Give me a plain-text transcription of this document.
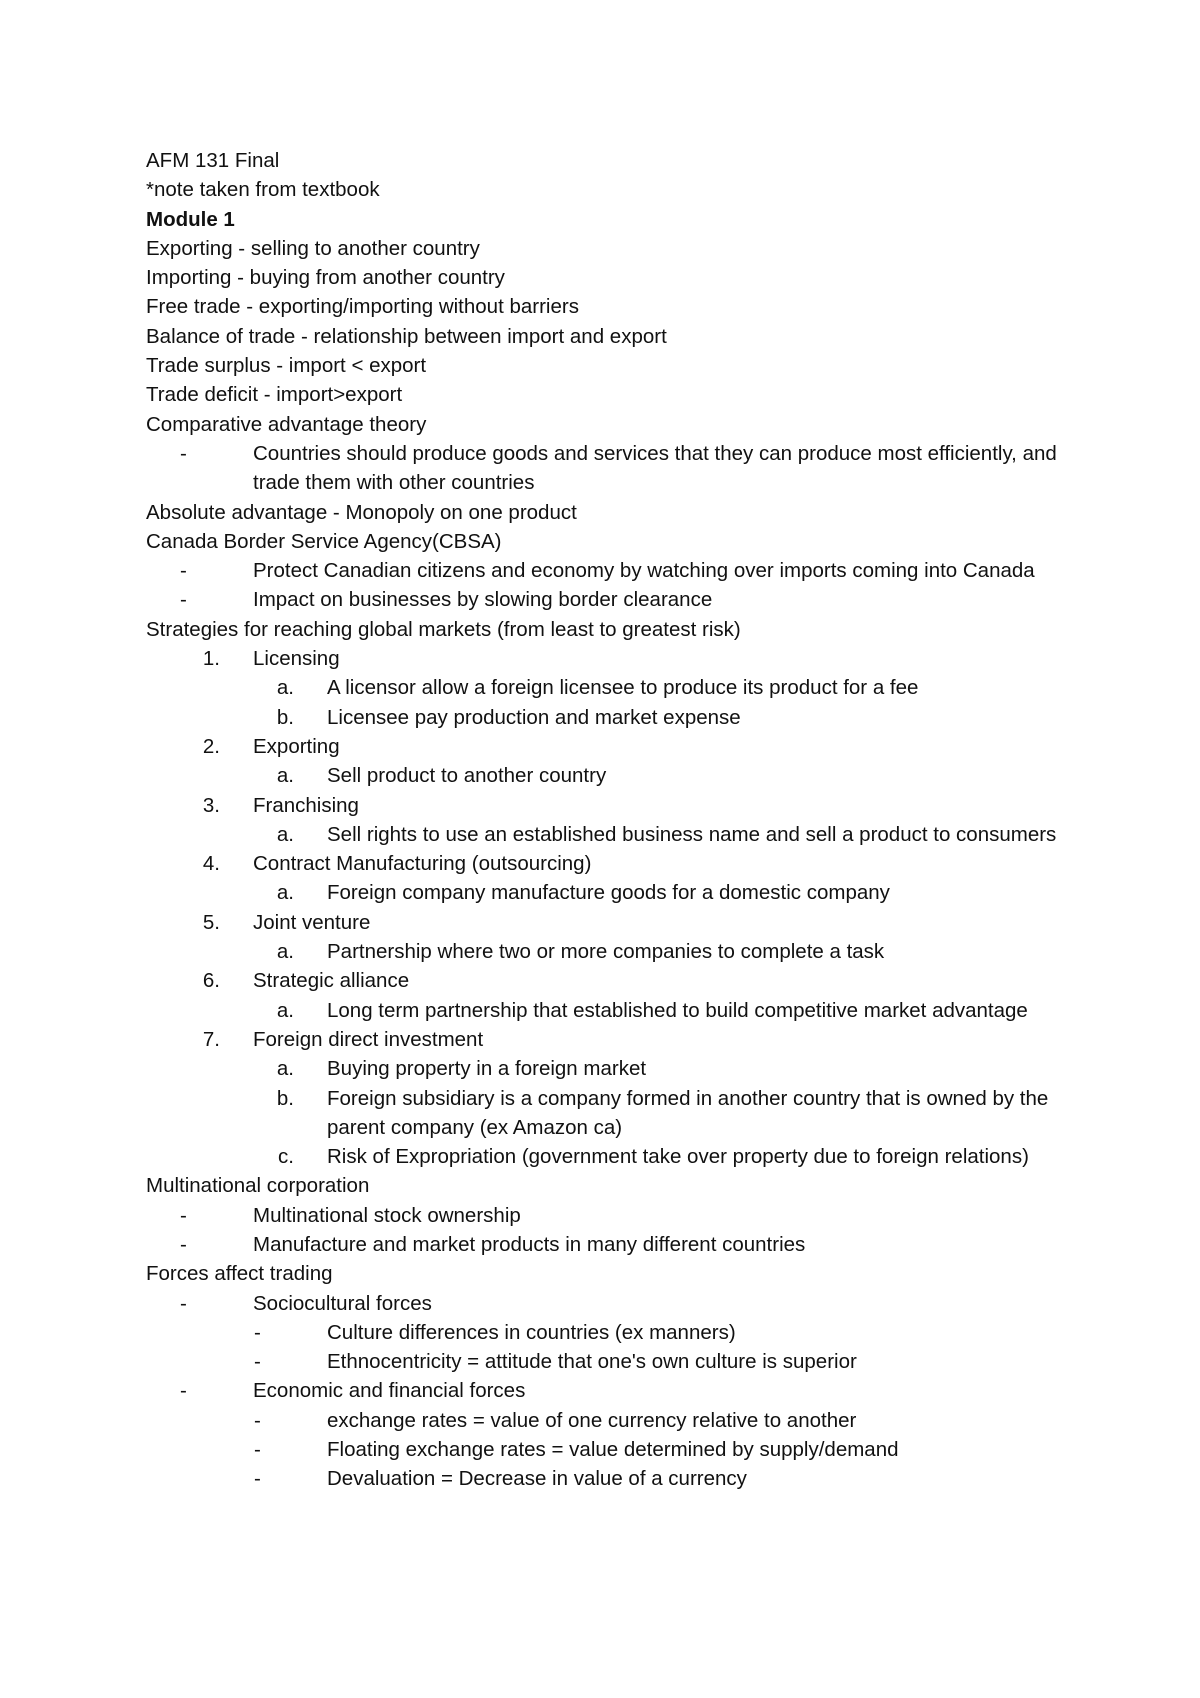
AFM 131 Final
*note taken from textbook
Module 1
Exporting - selling to another country
Importing - buying from another country
Free trade - exporting/importing without barriers
Balance of trade - relationship between import and export
Trade surplus - import < export
Trade deficit - import>export
Comparative advantage theory
-	Countries should produce goods and services that they can produce most efficiently, and trade them with other countries
Absolute advantage - Monopoly on one product
Canada Border Service Agency(CBSA)
-	Protect Canadian citizens and economy by watching over imports coming into Canada
-	Impact on businesses by slowing border clearance
Strategies for reaching global markets (from least to greatest risk)
1.	Licensing
a.	A licensor allow a foreign licensee to produce its product for a fee
b.	Licensee pay production and market expense
2.	Exporting
a.	Sell product to another country
3.	Franchising
a.	Sell rights to use an established business name and sell a product to consumers
4.	Contract Manufacturing (outsourcing)
a.	Foreign company manufacture goods for a domestic company
5.	Joint venture
a.	Partnership where two or more companies to complete a task
6.	Strategic alliance
a.	Long term partnership that established to build competitive market advantage
7.	Foreign direct investment
a.	Buying property in a foreign market
b.	Foreign subsidiary is a company formed in another country that is owned by the parent company (ex Amazon ca)
c.	Risk of Expropriation (government take over property due to foreign relations)
Multinational corporation
-	Multinational stock ownership
-	Manufacture and market products in many different countries
Forces affect trading
-	Sociocultural forces
-	Culture differences in countries (ex manners)
-	Ethnocentricity = attitude that one's own culture is superior
-	Economic and financial forces
-	exchange rates = value of one currency relative to another
-	Floating exchange rates = value determined by supply/demand
-	Devaluation = Decrease in value of a currency
